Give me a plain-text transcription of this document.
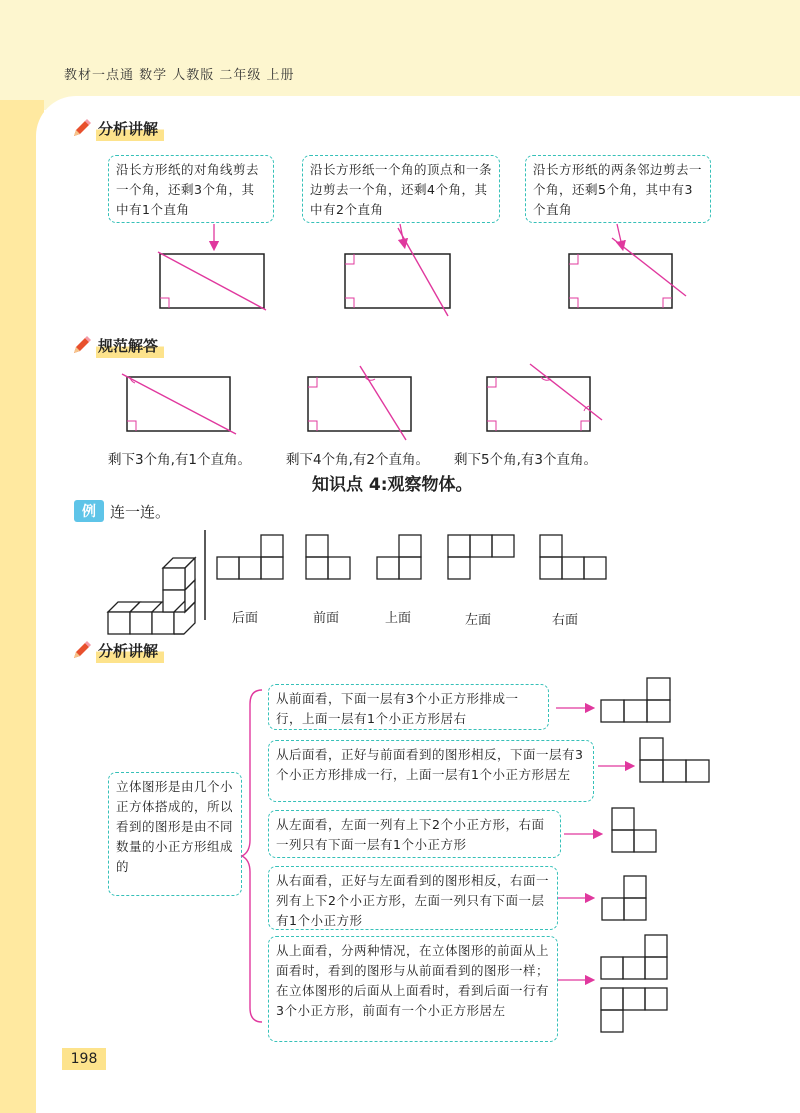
教材一点通 数学 人教版 二年级 上册
分析讲解
沿长方形纸的对角线剪去一个角，还剩3个角，其中有1个直角
沿长方形纸一个角的顶点和一条边剪去一个角，还剩4个角，其中有2个直角
沿长方形纸的两条邻边剪去一个角，还剩5个角，其中有3个直角
规范解答
剩下3个角,有1个直角。	剩下4个角,有2个直角。 剩下5个角,有3个直角。
知识点 4:观察物体。
例 连一连。
后面	前面	上面	左面	右面
分析讲解
立体图形是由几个小正方体搭成的，所以看到的图形是由不同数量的小正方形组成的
从前面看，下面一层有3个小正方形排成一行，上面一层有1个小正方形居右
从后面看，正好与前面看到的图形相反，下面一层有3个小正方形排成一行，上面一层有1个小正方形居左
从左面看，左面一列有上下2个小正方形，右面一列只有下面一层有1个小正方形
从右面看，正好与左面看到的图形相反，右面一列有上下2个小正方形，左面一列只有下面一层有1个小正方形
从上面看，分两种情况，在立体图形的前面从上面看时，看到的图形与从前面看到的图形一样；在立体图形的后面从上面看时，看到后面一行有3个小正方形，前面有一个小正方形居左
198
